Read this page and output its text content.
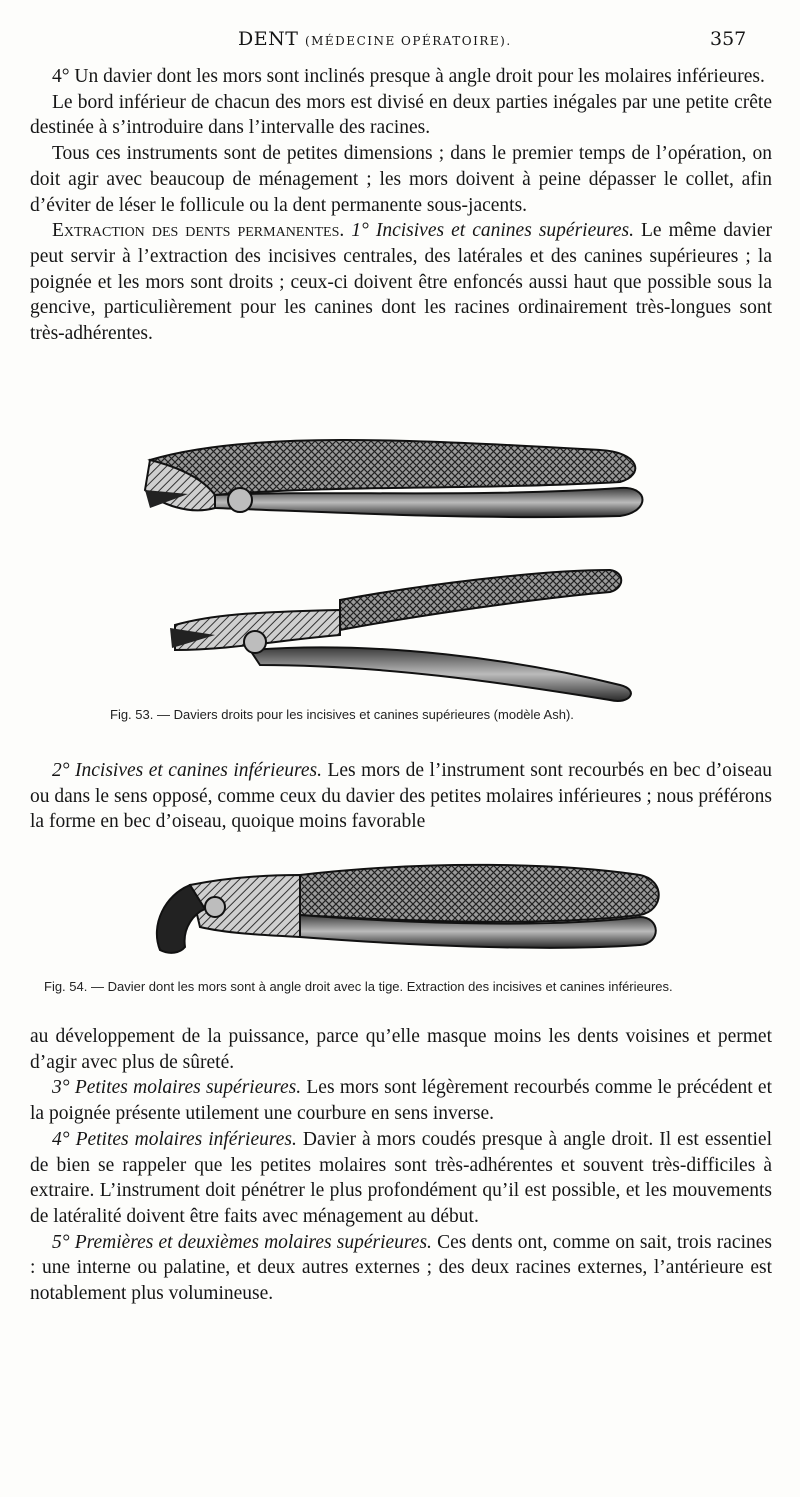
DENT (MÉDECINE OPÉRATOIRE).	357

4° Un davier dont les mors sont inclinés presque à angle droit pour les molaires inférieures.

Le bord inférieur de chacun des mors est divisé en deux parties inégales par une petite crête destinée à s’introduire dans l’intervalle des racines.

Tous ces instruments sont de petites dimensions ; dans le premier temps de l’opération, on doit agir avec beaucoup de ménagement ; les mors doivent à peine dépasser le collet, afin d’éviter de léser le follicule ou la dent permanente sous-jacents.

Extraction des dents permanentes. 1° Incisives et canines supérieures. Le même davier peut servir à l’extraction des incisives centrales, des latérales et des canines supérieures ; la poignée et les mors sont droits ; ceux-ci doivent être enfoncés aussi haut que possible sous la gencive, particulièrement pour les canines dont les racines ordinairement très-longues sont très-adhérentes.

Fig. 53. — Daviers droits pour les incisives et canines supérieures (modèle Ash).

2° Incisives et canines inférieures. Les mors de l’instrument sont recourbés en bec d’oiseau ou dans le sens opposé, comme ceux du davier des petites molaires inférieures ; nous préférons la forme en bec d’oiseau, quoique moins favorable

Fig. 54. — Davier dont les mors sont à angle droit avec la tige. Extraction des incisives et canines inférieures.

au développement de la puissance, parce qu’elle masque moins les dents voisines et permet d’agir avec plus de sûreté.

3° Petites molaires supérieures. Les mors sont légèrement recourbés comme le précédent et la poignée présente utilement une courbure en sens inverse.

4° Petites molaires inférieures. Davier à mors coudés presque à angle droit. Il est essentiel de bien se rappeler que les petites molaires sont très-adhérentes et souvent très-difficiles à extraire. L’instrument doit pénétrer le plus profondément qu’il est possible, et les mouvements de latéralité doivent être faits avec ménagement au début.

5° Premières et deuxièmes molaires supérieures. Ces dents ont, comme on sait, trois racines : une interne ou palatine, et deux autres externes ; des deux racines externes, l’antérieure est notablement plus volumineuse.
